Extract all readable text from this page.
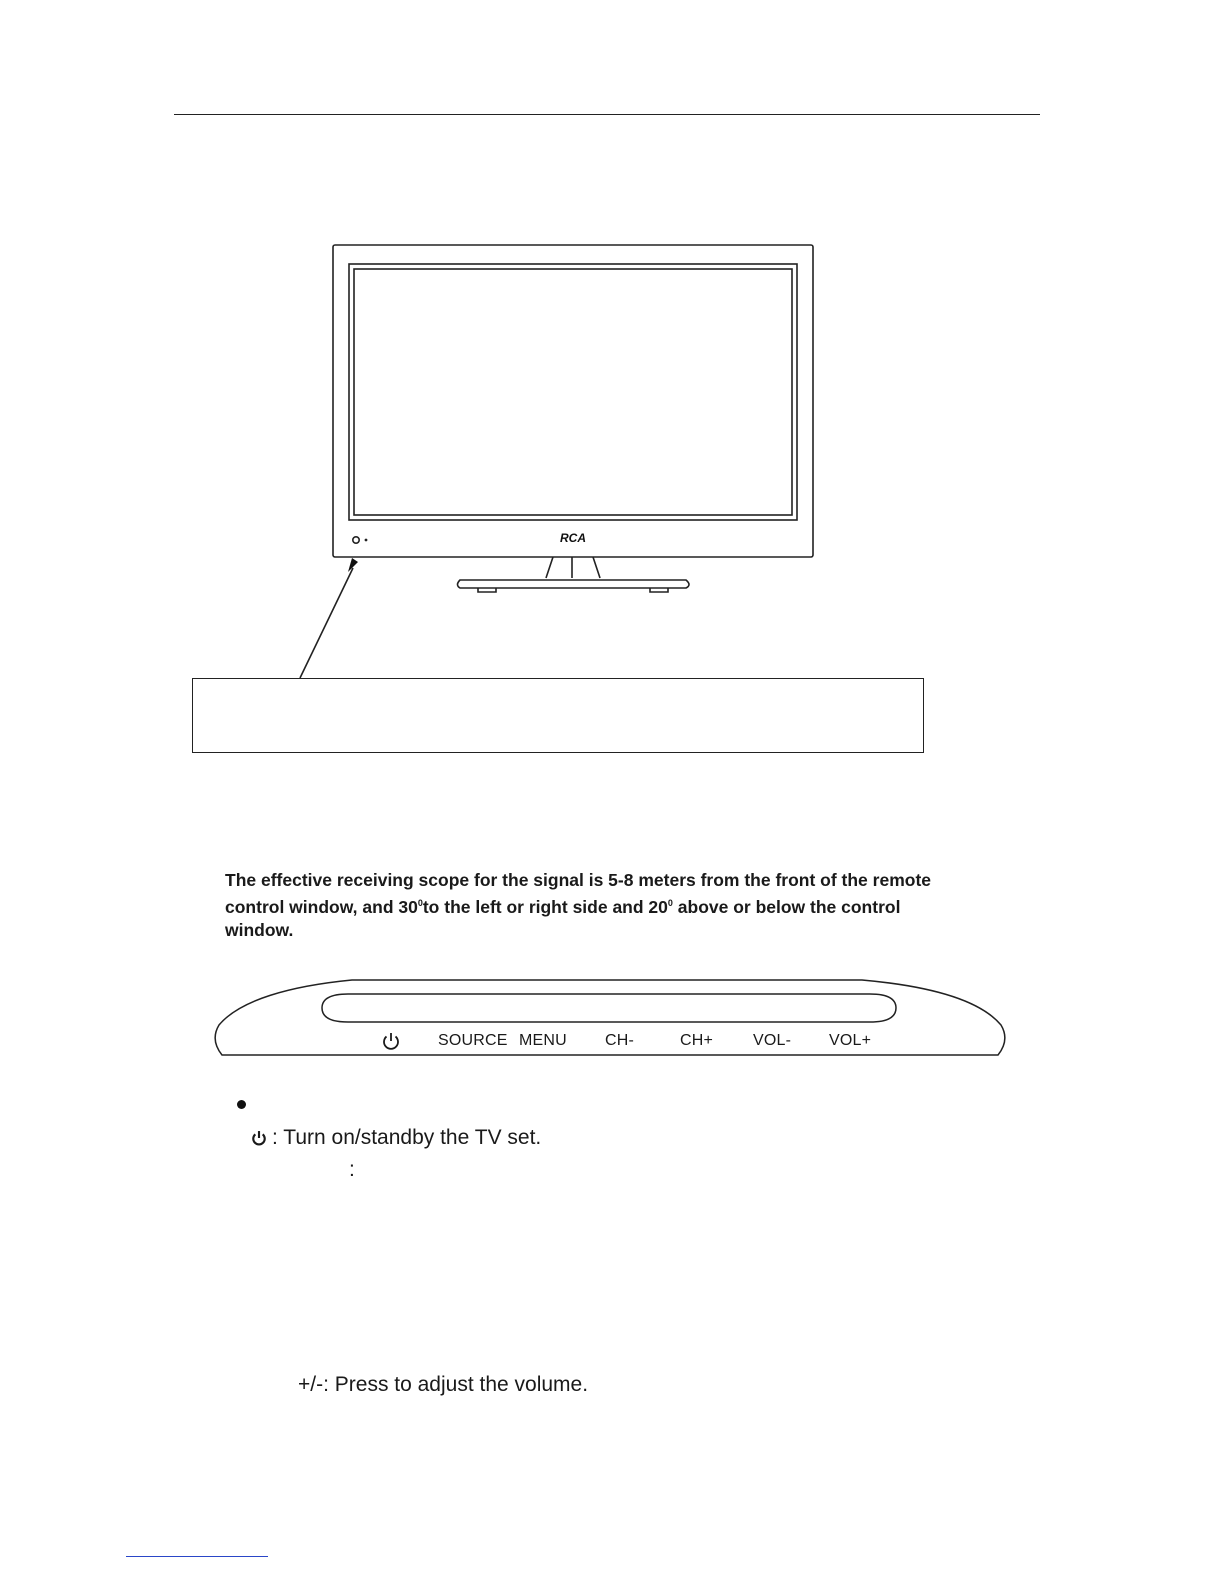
RCA
The effective receiving scope for the signal is 5-8 meters from the front of the remote
control window, and $30^0to$ the left or right side and $20^0$ above or below the control
window.
SOURCE MENU CH-	CH+ VOL- VOL+
: Turn on/standby the TV set.
:
+/-: Press to adjust the volume.
